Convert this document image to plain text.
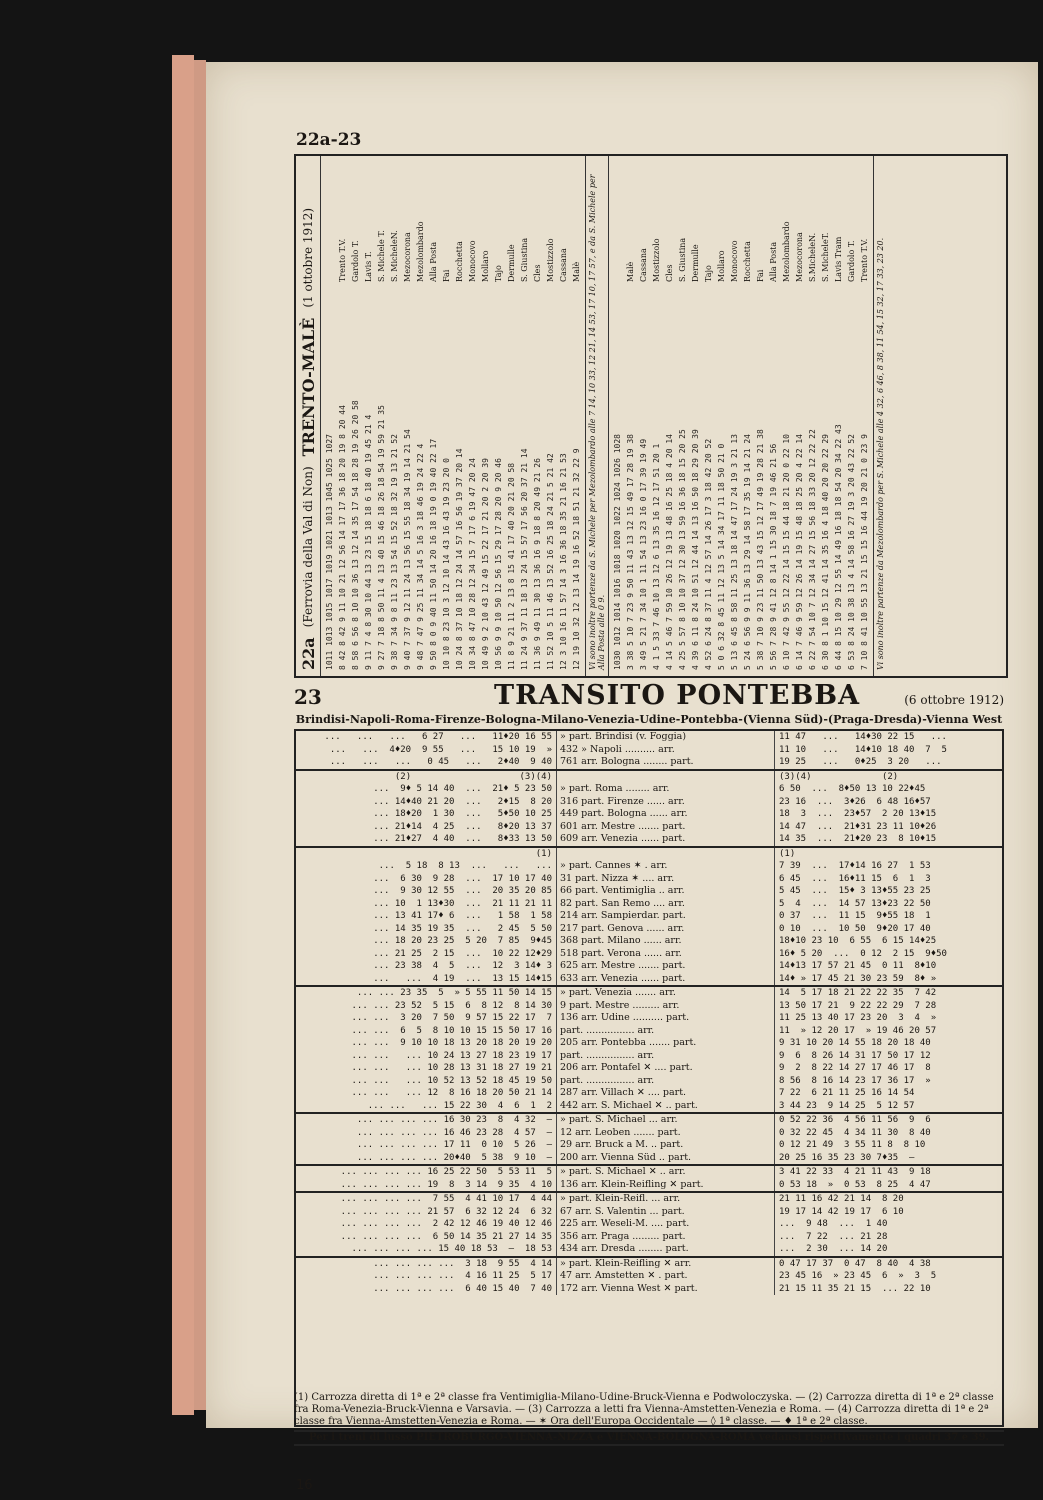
22a-23
22a
(Ferrovia della Val di Non)
TRENTO-MALÈ
(1 ottobre 1912)
1011 1013 1015 1017 1019 1021 1013 1045 1025 1027 8 42 8 42 9 11 10 21 12 56 14 17 17 36 18 20 19 8 20 44
Trento T.V.
8 58 6 56 8 10 10 36 13 12 14 35 17 54 18 28 19 26 20 58
Gardolo T.
9 11 7 4 8 30 10 44 13 23 15 18 18 6 18 40 19 45 21 4
Lavis T.
9 27 7 18 8 50 11 4 13 40 15 46 18 26 18 54 19 59 21 35
S. Michele T.
9 38 7 34 9 8 11 23 13 54 15 52 18 32 19 13 21 52
S. MicheleN.
9 40 7 37 9 12 11 24 13 56 15 55 18 34 19 14 21 54
Mezocorona
9 48 7 47 9 25 11 34 14 5 16 3 18 46 19 24 22 4
Mezolombardo
9 50 8 0 9 40 11 50 14 20 16 18 19 0 19 40 22 17
Alla Posta
10 10 8 23 10 3 12 10 14 43 16 43 19 23 20 0
Fai
10 24 8 37 10 18 12 24 14 57 16 56 19 37 20 14
Rocchetta
10 34 8 47 10 28 12 34 15 7 17 6 19 47 20 24
Monocovo
10 49 9 2 10 43 12 49 15 22 17 21 20 2 20 39
Mollaro
10 56 9 9 10 50 12 56 15 29 17 28 20 9 20 46
Tajo
11 8 9 21 11 2 13 8 15 41 17 40 20 21 20 58
Dermulle
11 24 9 37 11 18 13 24 15 57 17 56 20 37 21 14
S. Giustina
11 36 9 49 11 30 13 36 16 9 18 8 20 49 21 26
Cles
11 52 10 5 11 46 13 52 16 25 18 24 21 5 21 42
Mostizzolo
12 3 10 16 11 57 14 3 16 36 18 35 21 16 21 53
Cassana
12 19 10 32 12 13 14 19 16 52 18 51 21 32 22 9
Malè Vi sono inoltre partenze da S. Michele per Mezolombardo alle 7 14, 10 33, 12 21, 14 53, 17 10, 17 57, e da S. Michele per Alla Posta alle 0 9. 1030 1012 1014 1016 1018 1020 1022 1024 1026 1028 3 38 5 10 7 23 9 50 11 43 13 12 15 49 17 28 19 38
Malè
3 49 5 21 7 34 10 1 11 54 13 23 16 0 17 39 19 49
Cassana
4 1 5 33 7 46 10 13 12 6 13 35 16 12 17 51 20 1
Mostizzolo
4 14 5 46 7 59 10 26 12 19 13 48 16 25 18 4 20 14
Cles
4 25 5 57 8 10 10 37 12 30 13 59 16 36 18 15 20 25
S. Giustina
4 39 6 11 8 24 10 51 12 44 14 13 16 50 18 29 20 39
Dermulle
4 52 6 24 8 37 11 4 12 57 14 26 17 3 18 42 20 52
Tajo
5 0 6 32 8 45 11 12 13 5 14 34 17 11 18 50 21 0
Mollaro
5 13 6 45 8 58 11 25 13 18 14 47 17 24 19 3 21 13
Monocovo
5 24 6 56 9 9 11 36 13 29 14 58 17 35 19 14 21 24
Rocchetta
5 38 7 10 9 23 11 50 13 43 15 12 17 49 19 28 21 38
Fai
5 56 7 28 9 41 12 8 14 1 15 30 18 7 19 46 21 56
Alla Posta
6 10 7 42 9 55 12 22 14 15 15 44 18 21 20 0 22 10
Mezolombardo
6 14 7 46 9 59 12 26 14 19 15 48 18 25 20 4 22 14
Mezocorona
6 22 7 54 10 7 12 34 14 27 15 56 18 33 20 12 22 22
S.MicheleN.
6 30 8 1 10 15 12 41 14 35 16 4 18 40 20 20 22 29
S. MicheleT.
6 44 8 15 10 29 12 55 14 49 16 18 18 54 20 34 22 43
Lavis Tram
6 53 8 24 10 38 13 4 14 58 16 27 19 3 20 43 22 52
Gardolo T.
7 10 8 41 10 55 13 21 15 15 16 44 19 20 21 0 23 9
Trento T.V. Vi sono inoltre partenze da Mezolombardo per S. Michele alle 4 32, 6 46, 8 38, 11 54, 15 32, 17 33, 23 20.
23	TRANSITO PONTEBBA	(6 ottobre 1912)
Brindisi-Napoli-Roma-Firenze-Bologna-Milano-Venezia-Udine-Pontebba-(Vienna Süd)-(Praga-Dresda)-Vienna West
...   ...   ...   6 27   ...   11♦20 16 55
...   ...  4♦20  9 55   ...   15 10 19  »
...   ...   ...   0 45   ...   2♦40  9 40
» part. Brindisi (v. Foggia)
432 » Napoli .......... arr.
761 arr. Bologna ........ part.
11 47   ...   14♦30 22 15   ...
11 10   ...   14♦10 18 40  7  5
19 25   ...   0♦25  3 20   ...
(2)                    (3)(4)
...  9♦ 5 14 40  ...  21♦ 5 23 50
... 14♦40 21 20  ...   2♦15  8 20
... 18♦20  1 30  ...   5♦50 10 25
... 21♦14  4 25  ...   8♦20 13 37
... 21♦27  4 40  ...   8♦33 13 50
» part. Roma ........ arr.
316 part. Firenze ...... arr.
449 part. Bologna ...... arr.
601 arr. Mestre ....... part.
609 arr. Venezia ...... part.
(3)(4)             (2)
6 50  ...  8♦50 13 10 22♦45
23 16  ...  3♦26  6 48 16♦57
18  3  ...  23♦57  2 20 13♦15
14 47  ...  21♦31 23 11 10♦26
14 35  ...  21♦20 23  8 10♦15
(1)
...  5 18  8 13  ...   ...   ...
...  6 30  9 28  ...  17 10 17 40
...  9 30 12 55  ...  20 35 20 85
... 10  1 13♦30  ...  21 11 21 11
... 13 41 17♦ 6  ...   1 58  1 58
... 14 35 19 35  ...   2 45  5 50
... 18 20 23 25  5 20  7 85  9♦45
... 21 25  2 15  ...  10 22 12♦29
... 23 38  4  5  ...  12  3 14♦ 3
...   ...  4 19  ...  13 15 14♦15
» part. Cannes ✶ . arr.
31 part. Nizza ✶ .... arr.
66 part. Ventimiglia .. arr.
82 part. San Remo .... arr.
214 arr. Sampierdar. part.
217 part. Genova ...... arr.
368 part. Milano ...... arr.
518 part. Verona ...... arr.
625 arr. Mestre ....... part.
633 arr. Venezia ...... part.
(1)
7 39  ...  17♦14 16 27  1 53
6 45  ...  16♦11 15  6  1  3
5 45  ...  15♦ 3 13♦55 23 25
5  4  ...  14 57 13♦23 22 50
0 37  ...  11 15  9♦55 18  1
0 10  ...  10 50  9♦20 17 40
18♦10 23 10  6 55  6 15 14♦25
16♦ 5 20  ...  0 12  2 15  9♦50
14♦13 17 57 21 45  0 11  8♦10
14♦ » 17 45 21 30 23 59  8♦ »
... ... 23 35  5  » 5 55 11 50 14 15
... ... 23 52  5 15  6  8 12  8 14 30
... ...  3 20  7 50  9 57 15 22 17  7
... ...  6  5  8 10 10 15 15 50 17 16
... ...  9 10 10 18 13 20 18 20 19 20
... ...   ... 10 24 13 27 18 23 19 17
... ...   ... 10 28 13 31 18 27 19 21
... ...   ... 10 52 13 52 18 45 19 50
... ...   ... 12  8 16 18 20 50 21 14
... ...   ... 15 22 30  4  6  1  2
» part. Venezia ....... arr.
9 part. Mestre ......... arr.
136 arr. Udine .......... part.
part. ................ arr.
205 arr. Pontebba ....... part.
part. ................ arr.
206 arr. Pontafel ✕ .... part.
part. ................ arr.
287 arr. Villach ✕ .... part.
442 arr. S. Michael ✕ .. part.
14  5 17 18 21 22 22 35  7 42
13 50 17 21  9 22 22 29  7 28
11 25 13 40 17 23 20  3  4  »
11  » 12 20 17  » 19 46 20 57
9 31 10 20 14 55 18 20 18 40
9  6  8 26 14 31 17 50 17 12
9  2  8 22 14 27 17 46 17  8
8 56  8 16 14 23 17 36 17  »
7 22  6 21 11 25 16 14 54
3 44 23  9 14 25  5 12 57
... ... ... ... 16 30 23  8  4 32  —
... ... ... ... 16 46 23 28  4 57  —
... ... ... ... 17 11  0 10  5 26  —
... ... ... ... 20♦40  5 38  9 10  —
» part. S. Michael ... arr.
12 arr. Leoben ....... part.
29 arr. Bruck a M. .. part.
200 arr. Vienna Süd .. part.
0 52 22 36  4 56 11 56  9  6
0 32 22 45  4 34 11 30  8 40
0 12 21 49  3 55 11 8  8 10
20 25 16 35 23 30 7♦35  —
... ... ... ... 16 25 22 50  5 53 11  5
... ... ... ... 19  8  3 14  9 35  4 10
» part. S. Michael ✕ .. arr.
136 arr. Klein-Reifling ✕ part.
3 41 22 33  4 21 11 43  9 18
0 53 18  »  0 53  8 25  4 47
... ... ... ...  7 55  4 41 10 17  4 44
... ... ... ... 21 57  6 32 12 24  6 32
... ... ... ...  2 42 12 46 19 40 12 46
... ... ... ...  6 50 14 35 21 27 14 35
... ... ... ... 15 40 18 53  —  18 53
» part. Klein-Reifl. ... arr.
67 arr. S. Valentin ... part.
225 arr. Weseli-M. .... part.
356 arr. Praga ......... part.
434 arr. Dresda ........ part.
21 11 16 42 21 14  8 20
19 17 14 42 19 17  6 10
...  9 48  ...  1 40
...  7 22  ... 21 28
...  2 30  ... 14 20
... ... ... ...  3 18  9 55  4 14
... ... ... ...  4 16 11 25  5 17
... ... ... ...  6 40 15 40  7 40
» part. Klein-Reifling ✕ arr.
47 arr. Amstetten ✕ . part.
172 arr. Vienna West ✕ part.
0 47 17 37  0 47  8 40  4 38
23 45 16  » 23 45  6  »  3  5
21 15 11 35 21 15  ... 22 10

(1) Carrozza diretta di 1ª e 2ª classe fra Ventimiglia-Milano-Udine-Bruck-Vienna e Podwoloczyska. — (2) Carrozza diretta di 1ª e 2ª classe fra Roma-Venezia-Bruck-Vienna e Varsavia. — (3) Carrozza a letti fra Vienna-Amstetten-Venezia e Roma. — (4) Carrozza diretta di 1ª e 2ª classe fra Vienna-Amstetten-Venezia e Roma. — ✶ Ora dell'Europa Occidentale — ◊ 1ª classe. — ♦ 1ª e 2ª classe.

Per i treni di lusso PIETROBURGO-VIENNA-NIZZA e VIENNA-BOLOGNA-ROMA vedansi rispettivamente i quadri 37 e 39.
16
